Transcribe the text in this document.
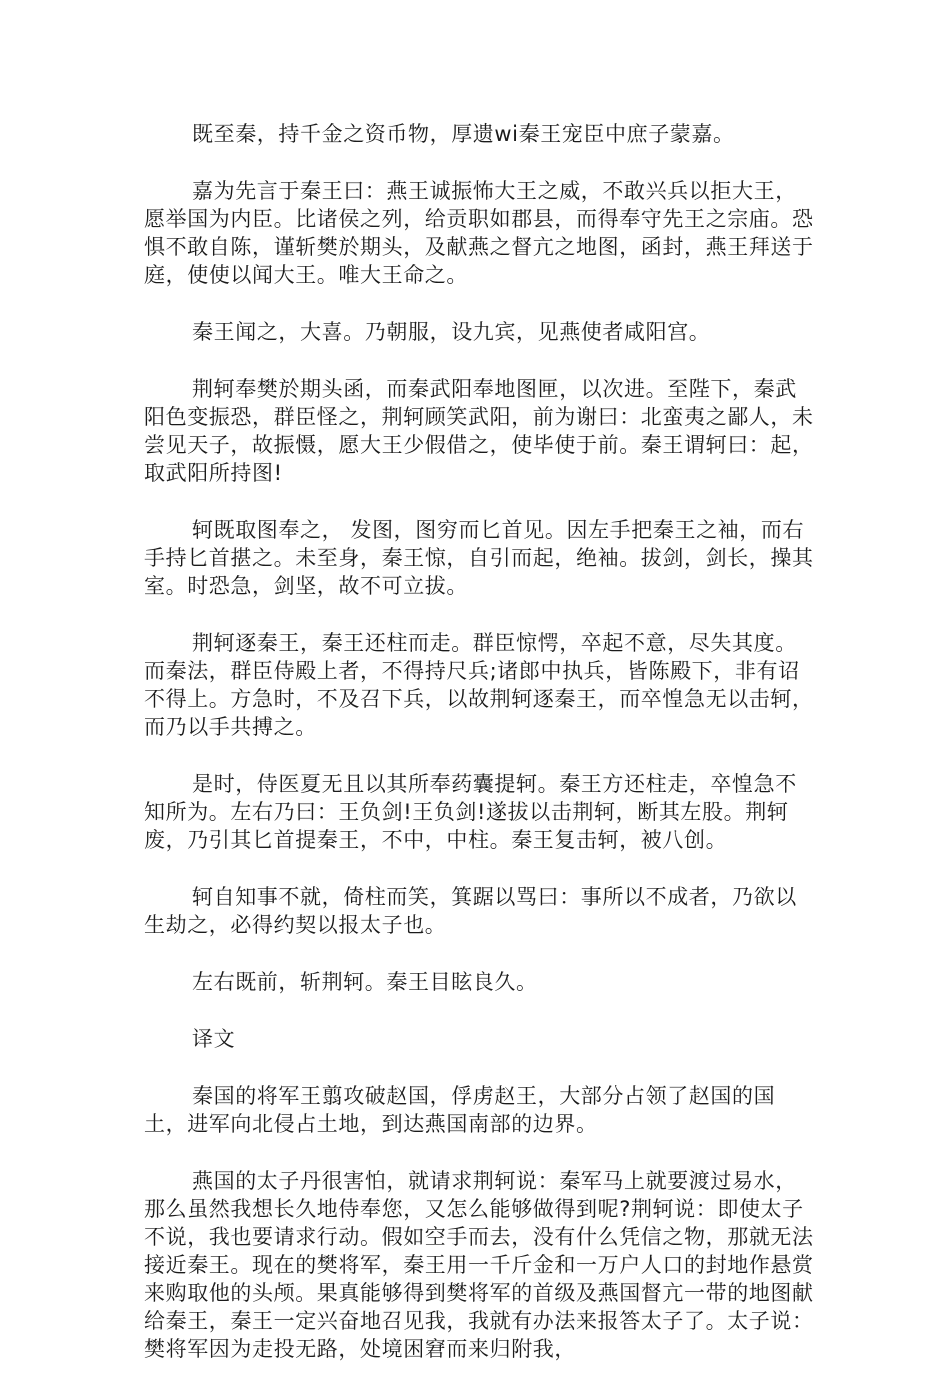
既至秦，持千金之资币物，厚遗wi秦王宠臣中庶子蒙嘉。

嘉为先言于秦王曰：燕王诚振怖大王之威，不敢兴兵以拒大王，愿举国为内臣。比诸侯之列，给贡职如郡县，而得奉守先王之宗庙。恐惧不敢自陈，谨斩樊於期头，及献燕之督亢之地图，函封，燕王拜送于庭，使使以闻大王。唯大王命之。

秦王闻之，大喜。乃朝服，设九宾，见燕使者咸阳宫。

荆轲奉樊於期头函，而秦武阳奉地图匣，以次进。至陛下，秦武阳色变振恐，群臣怪之，荆轲顾笑武阳，前为谢曰：北蛮夷之鄙人，未尝见天子，故振慑，愿大王少假借之，使毕使于前。秦王谓轲曰：起，取武阳所持图!

轲既取图奉之， 发图，图穷而匕首见。因左手把秦王之袖，而右手持匕首揕之。未至身，秦王惊，自引而起，绝袖。拔剑，剑长，操其室。时恐急，剑坚，故不可立拔。

荆轲逐秦王，秦王还柱而走。群臣惊愕，卒起不意，尽失其度。而秦法，群臣侍殿上者，不得持尺兵;诸郎中执兵，皆陈殿下，非有诏不得上。方急时，不及召下兵，以故荆轲逐秦王，而卒惶急无以击轲，而乃以手共搏之。

是时，侍医夏无且以其所奉药囊提轲。秦王方还柱走，卒惶急不知所为。左右乃曰：王负剑!王负剑!遂拔以击荆轲，断其左股。荆轲废，乃引其匕首提秦王，不中，中柱。秦王复击轲，被八创。

轲自知事不就，倚柱而笑，箕踞以骂曰：事所以不成者，乃欲以生劫之，必得约契以报太子也。

左右既前，斩荆轲。秦王目眩良久。

译文

秦国的将军王翦攻破赵国，俘虏赵王，大部分占领了赵国的国土，进军向北侵占土地，到达燕国南部的边界。

燕国的太子丹很害怕，就请求荆轲说：秦军马上就要渡过易水，那么虽然我想长久地侍奉您，又怎么能够做得到呢?荆轲说：即使太子不说，我也要请求行动。假如空手而去，没有什么凭信之物，那就无法接近秦王。现在的樊将军，秦王用一千斤金和一万户人口的封地作悬赏来购取他的头颅。果真能够得到樊将军的首级及燕国督亢一带的地图献给秦王，秦王一定兴奋地召见我，我就有办法来报答太子了。太子说：樊将军因为走投无路，处境困窘而来归附我，
